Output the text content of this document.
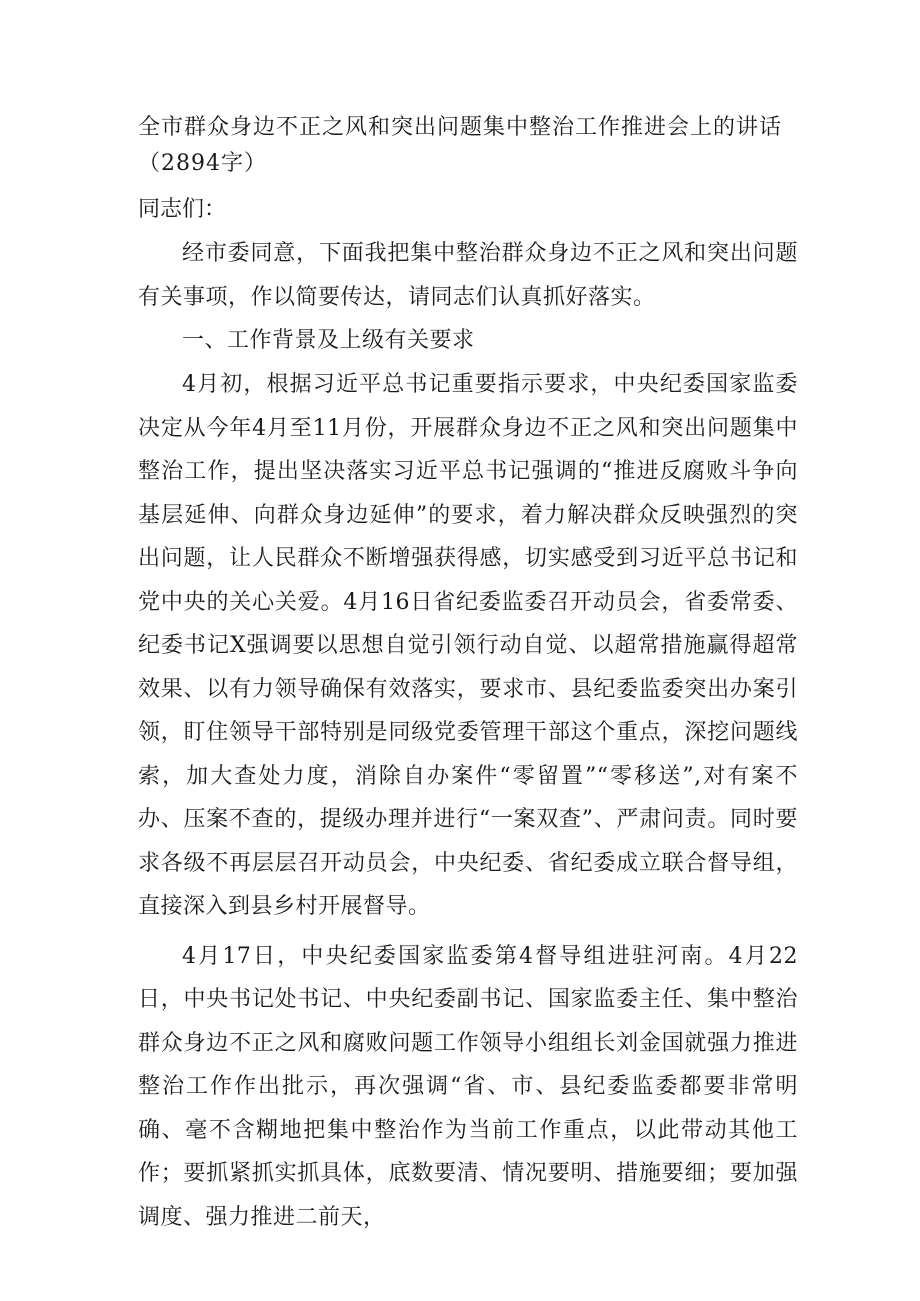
全市群众身边不正之风和突出问题集中整治工作推进会上的讲话（2894字）

同志们：

经市委同意，下面我把集中整治群众身边不正之风和突出问题有关事项，作以简要传达，请同志们认真抓好落实。

一、工作背景及上级有关要求

4月初，根据习近平总书记重要指示要求，中央纪委国家监委决定从今年4月至11月份，开展群众身边不正之风和突出问题集中整治工作，提出坚决落实习近平总书记强调的“推进反腐败斗争向基层延伸、向群众身边延伸”的要求，着力解决群众反映强烈的突出问题，让人民群众不断增强获得感，切实感受到习近平总书记和党中央的关心关爱。4月16日省纪委监委召开动员会，省委常委、纪委书记X强调要以思想自觉引领行动自觉、以超常措施赢得超常效果、以有力领导确保有效落实，要求市、县纪委监委突出办案引领，盯住领导干部特别是同级党委管理干部这个重点，深挖问题线索，加大查处力度，消除自办案件“零留置”“零移送”,对有案不办、压案不查的，提级办理并进行“一案双查”、严肃问责。同时要求各级不再层层召开动员会，中央纪委、省纪委成立联合督导组，直接深入到县乡村开展督导。

4月17日，中央纪委国家监委第4督导组进驻河南。4月22日，中央书记处书记、中央纪委副书记、国家监委主任、集中整治群众身边不正之风和腐败问题工作领导小组组长刘金国就强力推进整治工作作出批示，再次强调“省、市、县纪委监委都要非常明确、毫不含糊地把集中整治作为当前工作重点，以此带动其他工作；要抓紧抓实抓具体，底数要清、情况要明、措施要细；要加强调度、强力推进二前天，
